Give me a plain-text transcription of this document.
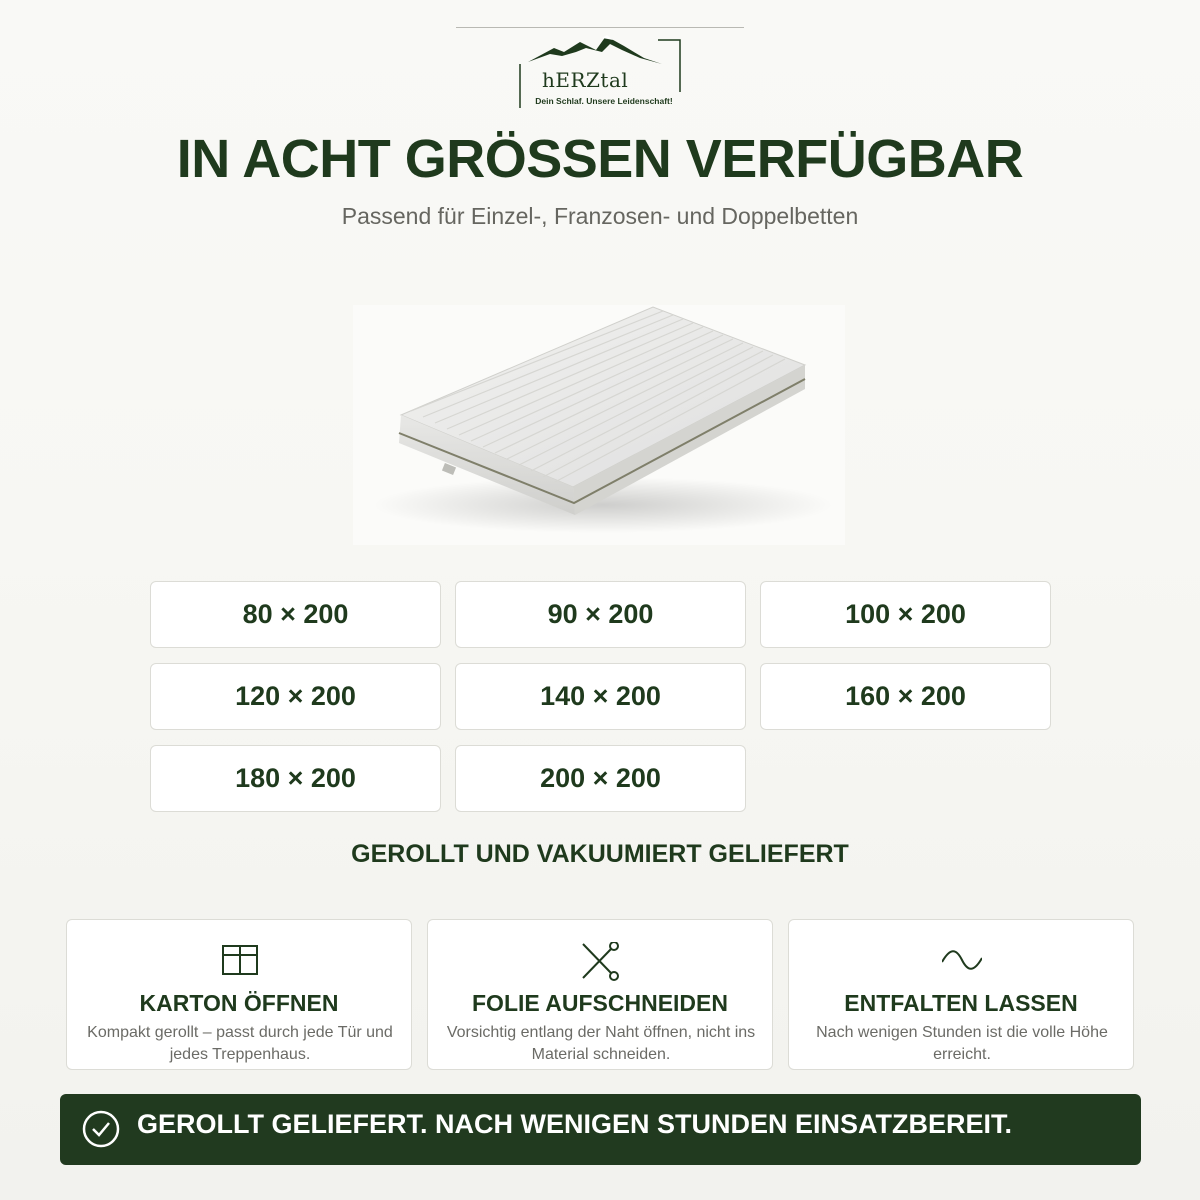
hERZtal
Dein Schlaf. Unsere Leidenschaft!
IN ACHT GRÖSSEN VERFÜGBAR
Passend für Einzel-, Franzosen- und Doppelbetten
80 × 200	90 × 200	100 × 200
120 × 200	140 × 200	160 × 200
180 × 200	200 × 200
GEROLLT UND VAKUUMIERT GELIEFERT
KARTON ÖFFNEN
Kompakt gerollt – passt durch jede Tür und jedes Treppenhaus.
FOLIE AUFSCHNEIDEN
Vorsichtig entlang der Naht öffnen, nicht ins Material schneiden.
ENTFALTEN LASSEN
Nach wenigen Stunden ist die volle Höhe erreicht.
GEROLLT GELIEFERT. NACH WENIGEN STUNDEN EINSATZBEREIT.
